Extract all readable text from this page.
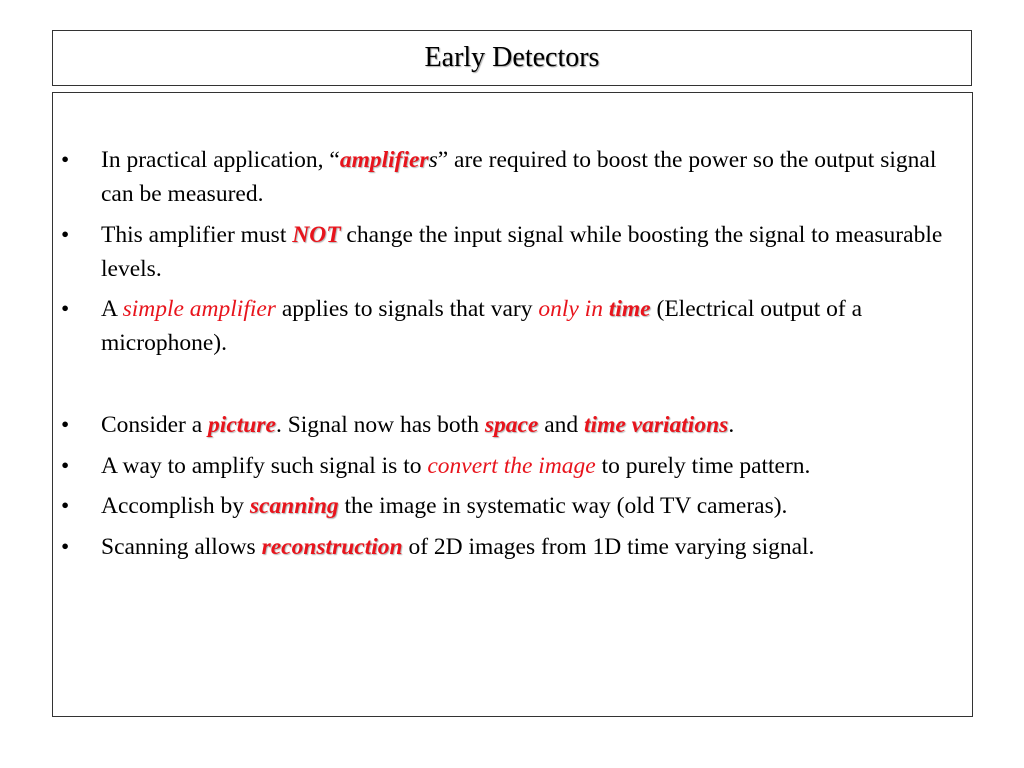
Early Detectors
•	In practical application, “amplifiers” are required to boost the power so the output signal can be measured.
•	This amplifier must NOT change the input signal while boosting the signal to measurable levels.
•	A simple amplifier applies to signals that vary only in time (Electrical output of a microphone).
•	Consider a picture. Signal now has both space and time variations.
•	A way to amplify such signal is to convert the image to purely time pattern.
•	Accomplish by scanning the image in systematic way (old TV cameras).
•	Scanning allows reconstruction of 2D images from 1D time varying signal.
